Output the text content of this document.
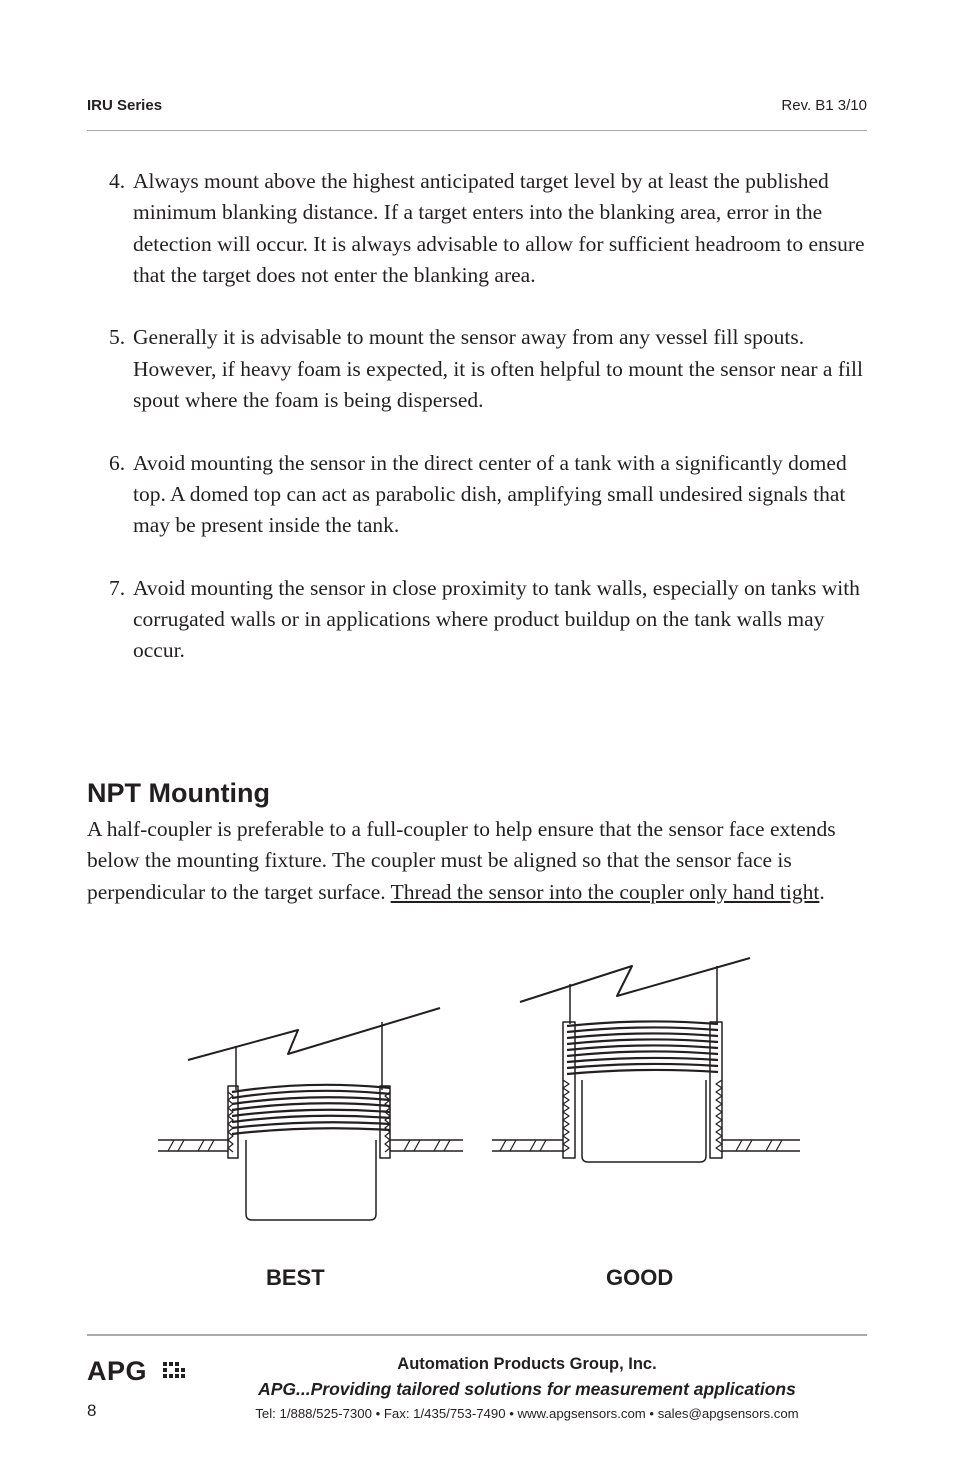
IRU Series	Rev. B1 3/10
4. Always mount above the highest anticipated target level by at least the published minimum blanking distance. If a target enters into the blanking area, error in the detection will occur. It is always advisable to allow for sufficient headroom to ensure that the target does not enter the blanking area.
5. Generally it is advisable to mount the sensor away from any vessel fill spouts. However, if heavy foam is expected, it is often helpful to mount the sensor near a fill spout where the foam is being dispersed.
6. Avoid mounting the sensor in the direct center of a tank with a significantly domed top. A domed top can act as parabolic dish, amplifying small undesired signals that may be present inside the tank.
7. Avoid mounting the sensor in close proximity to tank walls, especially on tanks with corrugated walls or in applications where product buildup on the tank walls may occur.
NPT Mounting

A half-coupler is preferable to a full-coupler to help ensure that the sensor face extends below the mounting fixture. The coupler must be aligned so that the sensor face is perpendicular to the target surface. Thread the sensor into the coupler only hand tight.

BEST	GOOD
APG
8
Automation Products Group, Inc.
APG...Providing tailored solutions for measurement applications
Tel: 1/888/525-7300 • Fax: 1/435/753-7490 • www.apgsensors.com • sales@apgsensors.com
